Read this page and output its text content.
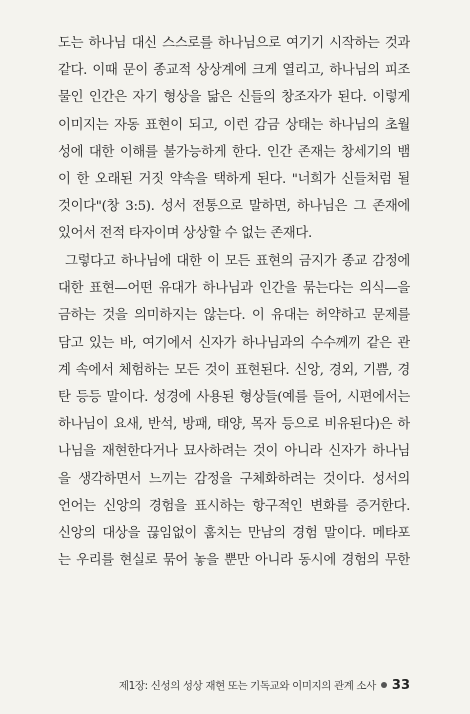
도는 하나님 대신 스스로를 하나님으로 여기기 시작하는 것과
같다. 이때 문이 종교적 상상계에 크게 열리고, 하나님의 피조
물인 인간은 자기 형상을 닮은 신들의 창조자가 된다. 이렇게
이미지는 자동 표현이 되고, 이런 감금 상태는 하나님의 초월
성에 대한 이해를 불가능하게 한다. 인간 존재는 창세기의 뱀
이 한 오래된 거짓 약속을 택하게 된다. "너희가 신들처럼 될
것이다"(창 3:5). 성서 전통으로 말하면, 하나님은 그 존재에
있어서 전적 타자이며 상상할 수 없는 존재다.
그렇다고 하나님에 대한 이 모든 표현의 금지가 종교 감정에
대한 표현—어떤 유대가 하나님과 인간을 묶는다는 의식—을
금하는 것을 의미하지는 않는다. 이 유대는 허약하고 문제를
담고 있는 바, 여기에서 신자가 하나님과의 수수께끼 같은 관
계 속에서 체험하는 모든 것이 표현된다. 신앙, 경외, 기쁨, 경
탄 등등 말이다. 성경에 사용된 형상들(예를 들어, 시편에서는
하나님이 요새, 반석, 방패, 태양, 목자 등으로 비유된다)은 하
나님을 재현한다거나 묘사하려는 것이 아니라 신자가 하나님
을 생각하면서 느끼는 감정을 구체화하려는 것이다. 성서의
언어는 신앙의 경험을 표시하는 항구적인 변화를 증거한다.
신앙의 대상을 끊임없이 훔치는 만남의 경험 말이다. 메타포
는 우리를 현실로 묶어 놓을 뿐만 아니라 동시에 경험의 무한
제1장: 신성의 성상 재현 또는 기독교와 이미지의 관계 소사 33
